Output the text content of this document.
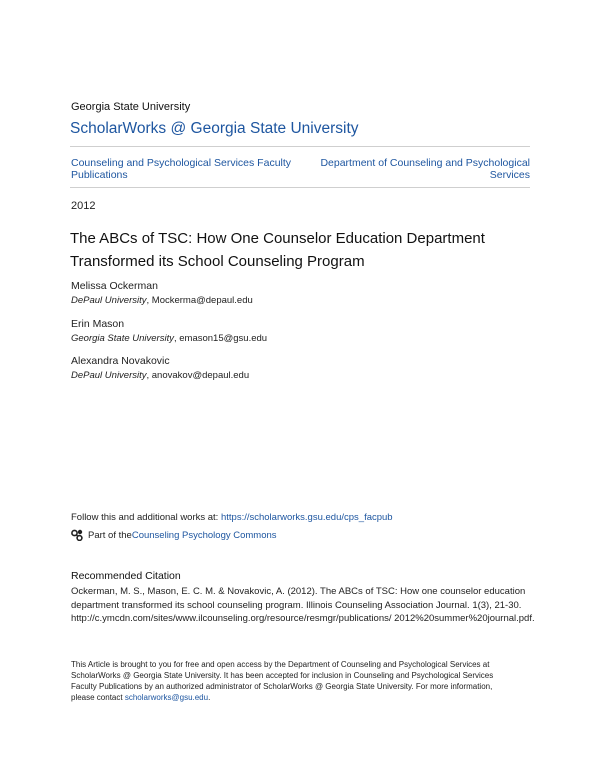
Georgia State University
ScholarWorks @ Georgia State University
Counseling and Psychological Services Faculty Publications
Department of Counseling and Psychological Services
2012
The ABCs of TSC: How One Counselor Education Department
Transformed its School Counseling Program
Melissa Ockerman
DePaul University, Mockerma@depaul.edu
Erin Mason
Georgia State University, emason15@gsu.edu
Alexandra Novakovic
DePaul University, anovakov@depaul.edu
Follow this and additional works at: https://scholarworks.gsu.edu/cps_facpub
Part of the Counseling Psychology Commons
Recommended Citation
Ockerman, M. S., Mason, E. C. M. & Novakovic, A. (2012). The ABCs of TSC: How one counselor education department transformed its school counseling program. Illinois Counseling Association Journal. 1(3), 21-30. http://c.ymcdn.com/sites/www.ilcounseling.org/resource/resmgr/publications/ 2012%20summer%20journal.pdf.
This Article is brought to you for free and open access by the Department of Counseling and Psychological Services at ScholarWorks @ Georgia State University. It has been accepted for inclusion in Counseling and Psychological Services Faculty Publications by an authorized administrator of ScholarWorks @ Georgia State University. For more information, please contact scholarworks@gsu.edu.
